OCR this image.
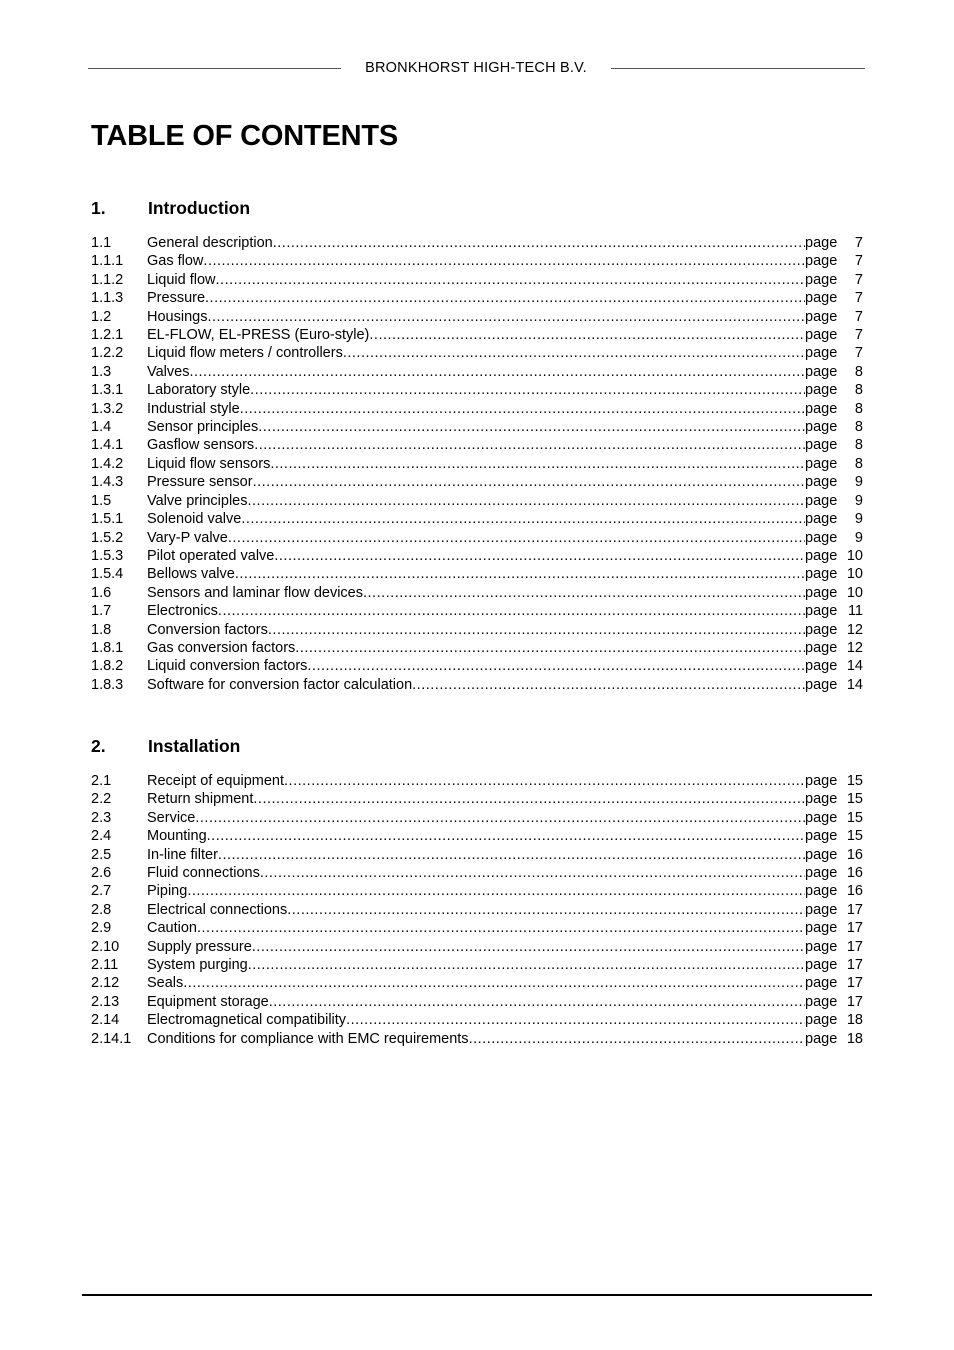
BRONKHORST HIGH-TECH B.V.
TABLE OF CONTENTS
1. Introduction
1.1 General description .....	page	7
1.1.1 Gas flow .....	page	7
1.1.2 Liquid flow .....	page	7
1.1.3 Pressure .....	page	7
1.2 Housings .....	page	7
1.2.1 EL-FLOW, EL-PRESS (Euro-style) .....	page	7
1.2.2 Liquid flow meters / controllers .....	page	7
1.3 Valves .....	page	8
1.3.1 Laboratory style .....	page	8
1.3.2 Industrial style .....	page	8
1.4 Sensor principles .....	page	8
1.4.1 Gasflow sensors .....	page	8
1.4.2 Liquid flow sensors .....	page	8
1.4.3 Pressure sensor .....	page	9
1.5 Valve principles .....	page	9
1.5.1 Solenoid valve .....	page	9
1.5.2 Vary-P valve .....	page	9
1.5.3 Pilot operated valve .....	page 10
1.5.4 Bellows valve .....	page 10
1.6 Sensors and laminar flow devices .....	page 10
1.7 Electronics .....	page 11
1.8 Conversion factors .....	page 12
1.8.1 Gas conversion factors .....	page 12
1.8.2 Liquid conversion factors .....	page 14
1.8.3 Software for conversion factor calculation .....	page 14
2. Installation
2.1 Receipt of equipment .....	page 15
2.2 Return shipment .....	page 15
2.3 Service .....	page 15
2.4 Mounting .....	page 15
2.5 In-line filter .....	page 16
2.6 Fluid connections .....	page 16
2.7 Piping .....	page 16
2.8 Electrical connections .....	page 17
2.9 Caution .....	page 17
2.10 Supply pressure .....	page 17
2.11 System purging .....	page 17
2.12 Seals .....	page 17
2.13 Equipment storage .....	page 17
2.14 Electromagnetical compatibility .....	page 18
2.14.1 Conditions for compliance with EMC requirements .....	page 18
